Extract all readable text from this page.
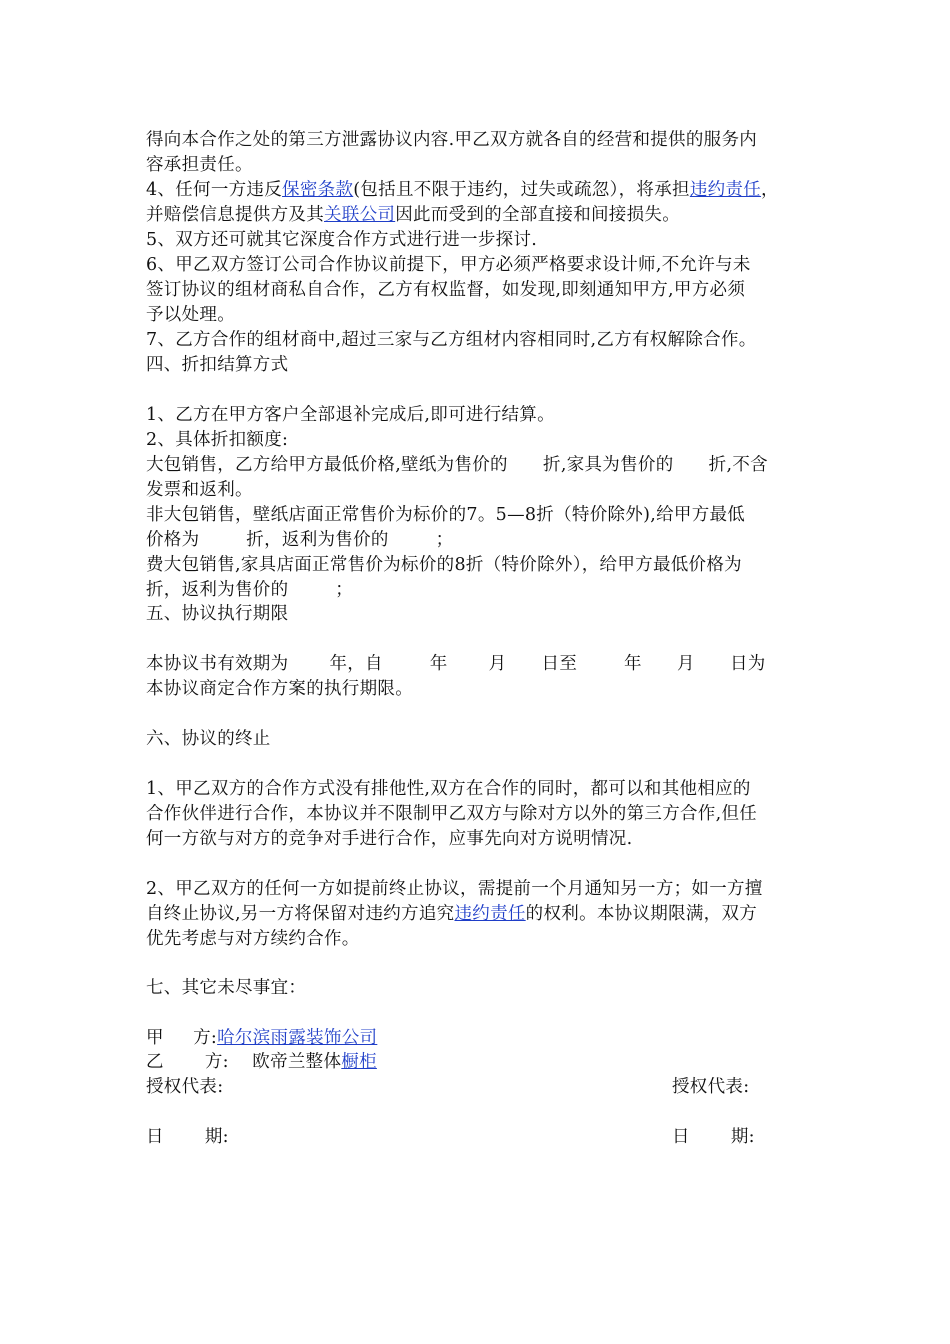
得向本合作之处的第三方泄露协议内容.甲乙双方就各自的经营和提供的服务内

容承担责任。

4、任何一方违反保密条款(包括且不限于违约，过失或疏忽），将承担违约责任，

并赔偿信息提供方及其关联公司因此而受到的全部直接和间接损失。

5、双方还可就其它深度合作方式进行进一步探讨.

6、甲乙双方签订公司合作协议前提下，甲方必须严格要求设计师,不允许与未

签订协议的组材商私自合作，乙方有权监督，如发现,即刻通知甲方,甲方必须

予以处理。

7、乙方合作的组材商中,超过三家与乙方组材内容相同时,乙方有权解除合作。

四、折扣结算方式

1、乙方在甲方客户全部退补完成后,即可进行结算。

2、具体折扣额度:

大包销售，乙方给甲方最低价格,壁纸为售价的      折,家具为售价的      折,不含

发票和返利。

非大包销售，壁纸店面正常售价为标价的7。5—8折（特价除外),给甲方最低

价格为        折，返利为售价的        ；

费大包销售,家具店面正常售价为标价的8折（特价除外），给甲方最低价格为

折，返利为售价的        ；

五、协议执行期限

本协议书有效期为       年，自        年       月      日至        年      月      日为

本协议商定合作方案的执行期限。

六、协议的终止

1、甲乙双方的合作方式没有排他性,双方在合作的同时，都可以和其他相应的

合作伙伴进行合作，本协议并不限制甲乙双方与除对方以外的第三方合作,但任

何一方欲与对方的竞争对手进行合作，应事先向对方说明情况.

2、甲乙双方的任何一方如提前终止协议，需提前一个月通知另一方；如一方擅

自终止协议,另一方将保留对违约方追究违约责任的权利。本协议期限满，双方

优先考虑与对方续约合作。

七、其它未尽事宜：

甲     方:哈尔滨雨露装饰公司

乙       方:    欧帝兰整体橱柜

授权代表:	授权代表:

日       期:	日       期:
